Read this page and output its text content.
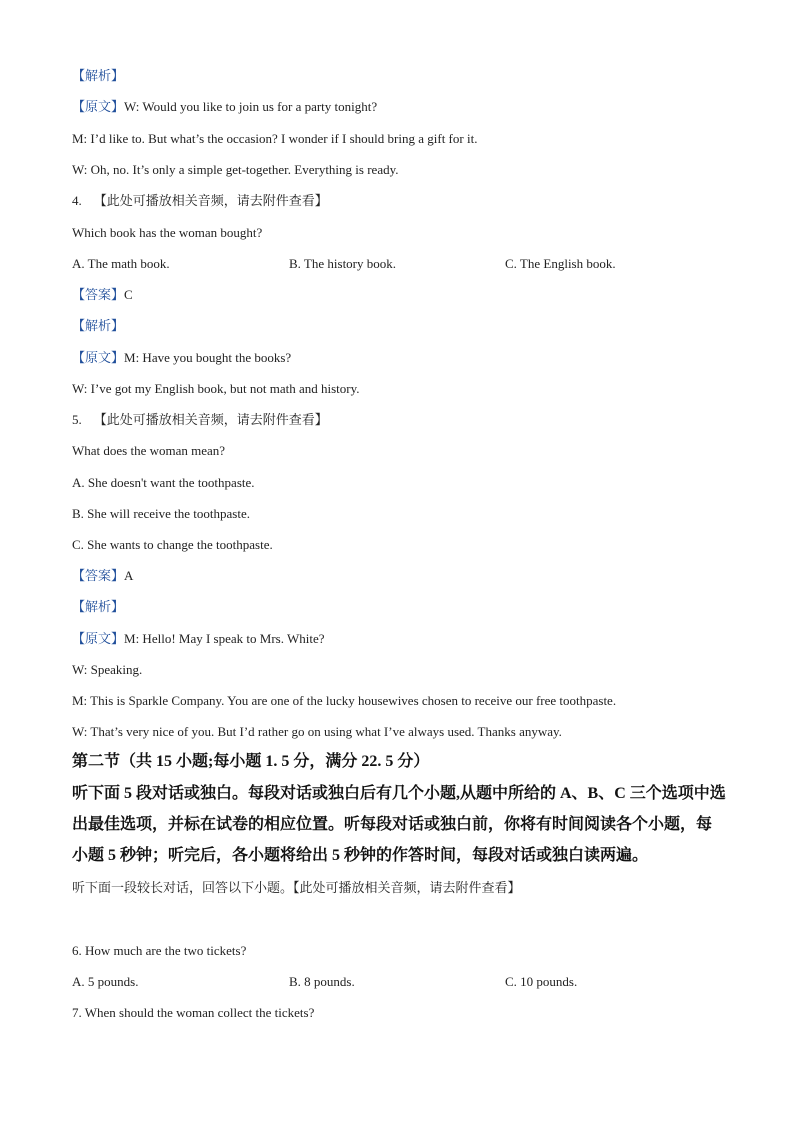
【解析】
【原文】W: Would you like to join us for a party tonight?
M: I’d like to. But what’s the occasion? I wonder if I should bring a gift for it.
W: Oh, no. It’s only a simple get-together. Everything is ready.
4. 【此处可播放相关音频，请去附件查看】
Which book has the woman bought?
A. The math book.	B. The history book.	C. The English book.
【答案】C
【解析】
【原文】M: Have you bought the books?
W: I’ve got my English book, but not math and history.
5. 【此处可播放相关音频，请去附件查看】
What does the woman mean?
A. She doesn't want the toothpaste.
B. She will receive the toothpaste.
C. She wants to change the toothpaste.
【答案】A
【解析】
【原文】M: Hello! May I speak to Mrs. White?
W: Speaking.
M: This is Sparkle Company. You are one of the lucky housewives chosen to receive our free toothpaste.
W: That’s very nice of you. But I’d rather go on using what I’ve always used. Thanks anyway.
第二节（共 15 小题;每小题 1. 5 分，满分 22. 5 分）
听下面 5 段对话或独白。每段对话或独白后有几个小题,从题中所给的 A、B、C 三个选项中选
出最佳选项，并标在试卷的相应位置。听每段对话或独白前，你将有时间阅读各个小题，每
小题 5 秒钟；听完后，各小题将给出 5 秒钟的作答时间，每段对话或独白读两遍。
听下面一段较长对话，回答以下小题。【此处可播放相关音频，请去附件查看】
6. How much are the two tickets?
A. 5 pounds.	B. 8 pounds.	C. 10 pounds.
7. When should the woman collect the tickets?
